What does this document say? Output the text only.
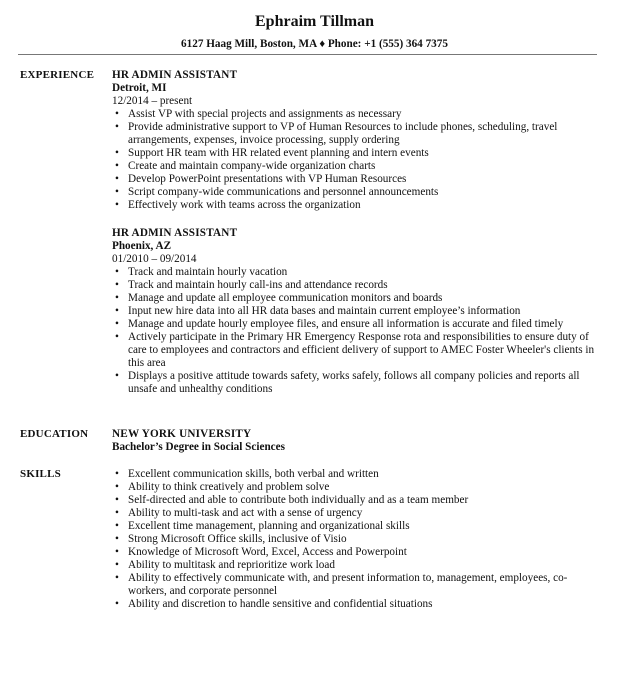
Ephraim Tillman
6127 Haag Mill, Boston, MA ♦ Phone: +1 (555) 364 7375
EXPERIENCE HR ADMIN ASSISTANT
Detroit, MI
12/2014 – present
• Assist VP with special projects and assignments as necessary
• Provide administrative support to VP of Human Resources to include phones, scheduling, travel arrangements, expenses, invoice processing, supply ordering
• Support HR team with HR related event planning and intern events
• Create and maintain company-wide organization charts
• Develop PowerPoint presentations with VP Human Resources
• Script company-wide communications and personnel announcements
• Effectively work with teams across the organization
HR ADMIN ASSISTANT
Phoenix, AZ
01/2010 – 09/2014
• Track and maintain hourly vacation
• Track and maintain hourly call-ins and attendance records
• Manage and update all employee communication monitors and boards
• Input new hire data into all HR data bases and maintain current employee’s information
• Manage and update hourly employee files, and ensure all information is accurate and filed timely
• Actively participate in the Primary HR Emergency Response rota and responsibilities to ensure duty of care to employees and contractors and efficient delivery of support to AMEC Foster Wheeler's clients in this area
• Displays a positive attitude towards safety, works safely, follows all company policies and reports all unsafe and unhealthy conditions
EDUCATION NEW YORK UNIVERSITY
Bachelor’s Degree in Social Sciences
SKILLS
•	Excellent communication skills, both verbal and written
• Ability to think creatively and problem solve
• Self-directed and able to contribute both individually and as a team member
• Ability to multi-task and act with a sense of urgency
• Excellent time management, planning and organizational skills
• Strong Microsoft Office skills, inclusive of Visio
• Knowledge of Microsoft Word, Excel, Access and Powerpoint
• Ability to multitask and reprioritize work load
• Ability to effectively communicate with, and present information to, management, employees, co-workers, and corporate personnel
• Ability and discretion to handle sensitive and confidential situations
